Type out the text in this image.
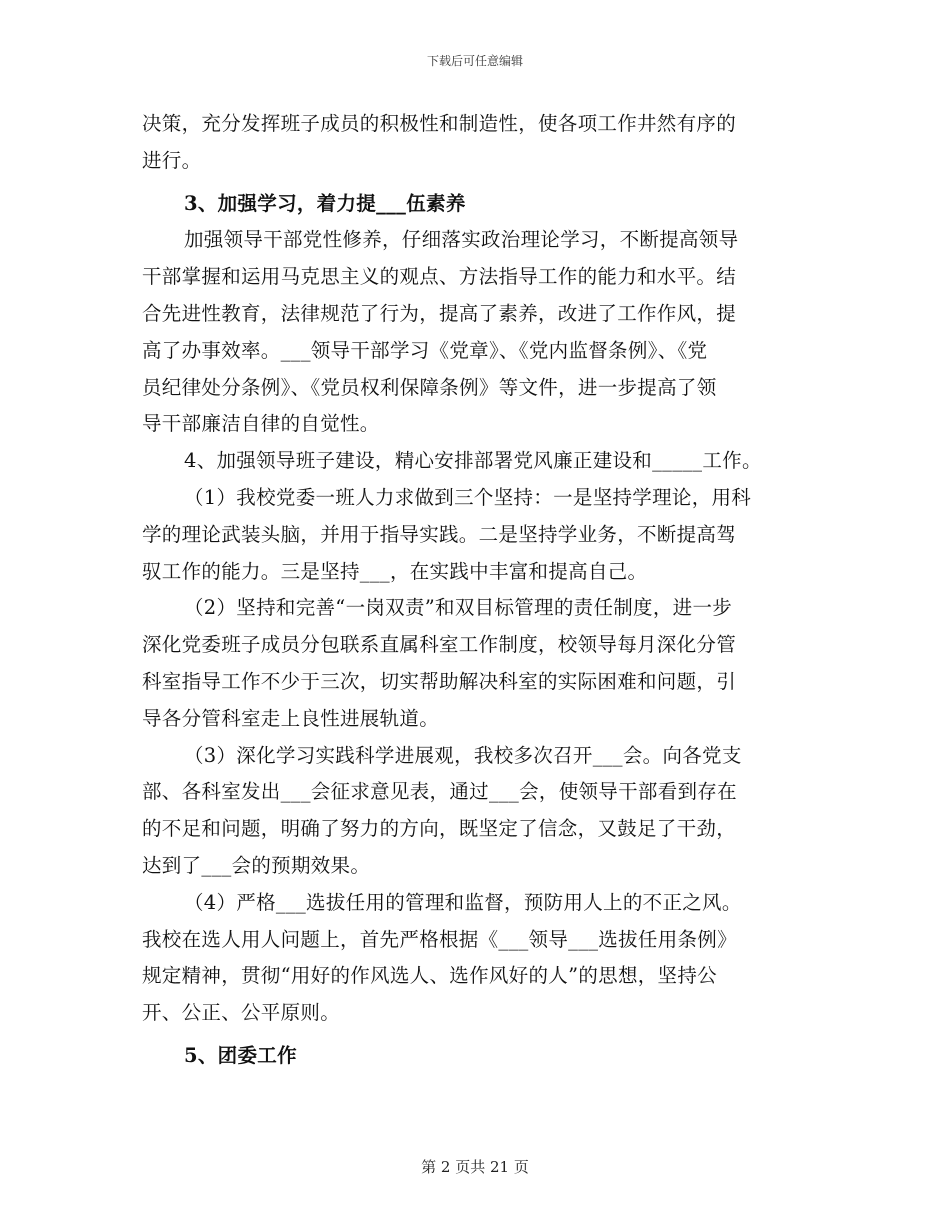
下载后可任意编辑
决策，充分发挥班子成员的积极性和制造性，使各项工作井然有序的
进行。
3、加强学习，着力提___伍素养
加强领导干部党性修养，仔细落实政治理论学习，不断提高领导
干部掌握和运用马克思主义的观点、方法指导工作的能力和水平。结
合先进性教育，法律规范了行为，提高了素养，改进了工作作风，提
高了办事效率。___领导干部学习《党章》、《党内监督条例》、《党
员纪律处分条例》、《党员权利保障条例》等文件，进一步提高了领
导干部廉洁自律的自觉性。
4、加强领导班子建设，精心安排部署党风廉正建设和_____工作。
（1）我校党委一班人力求做到三个坚持：一是坚持学理论，用科
学的理论武装头脑，并用于指导实践。二是坚持学业务，不断提高驾
驭工作的能力。三是坚持___，在实践中丰富和提高自己。
（2）坚持和完善“一岗双责”和双目标管理的责任制度，进一步
深化党委班子成员分包联系直属科室工作制度，校领导每月深化分管
科室指导工作不少于三次，切实帮助解决科室的实际困难和问题，引
导各分管科室走上良性进展轨道。
（3）深化学习实践科学进展观，我校多次召开___会。向各党支
部、各科室发出___会征求意见表，通过___会，使领导干部看到存在
的不足和问题，明确了努力的方向，既坚定了信念，又鼓足了干劲，
达到了___会的预期效果。
（4）严格___选拔任用的管理和监督，预防用人上的不正之风。
我校在选人用人问题上，首先严格根据《___领导___选拔任用条例》
规定精神，贯彻“用好的作风选人、选作风好的人”的思想，坚持公
开、公正、公平原则。
5、团委工作
第 2 页共 21 页
